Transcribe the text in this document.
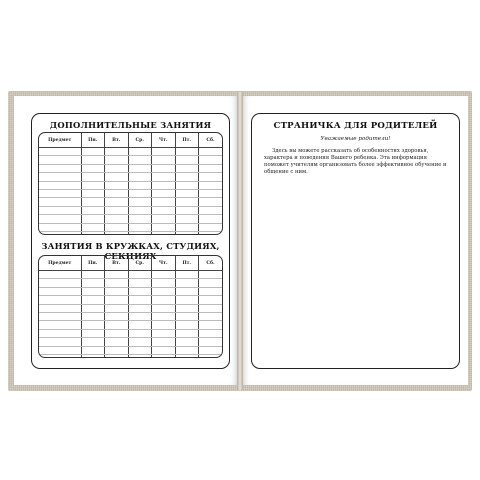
ДОПОЛНИТЕЛЬНЫЕ ЗАНЯТИЯ
Предмет	Пн.	Вт.	Ср.	Чт.	Пт.	Сб.

ЗАНЯТИЯ В КРУЖКАХ, СТУДИЯХ, СЕКЦИЯХ
Предмет	Пн.	Вт.	Ср.	Чт.	Пт.	Сб.

СТРАНИЧКА ДЛЯ РОДИТЕЛЕЙ
Уважаемые родители!
Здесь вы можете рассказать об особенностях здоровья, характера и поведения Вашего ребенка. Эта информация поможет учителям организовать более эффективное обучение и общение с ним.
